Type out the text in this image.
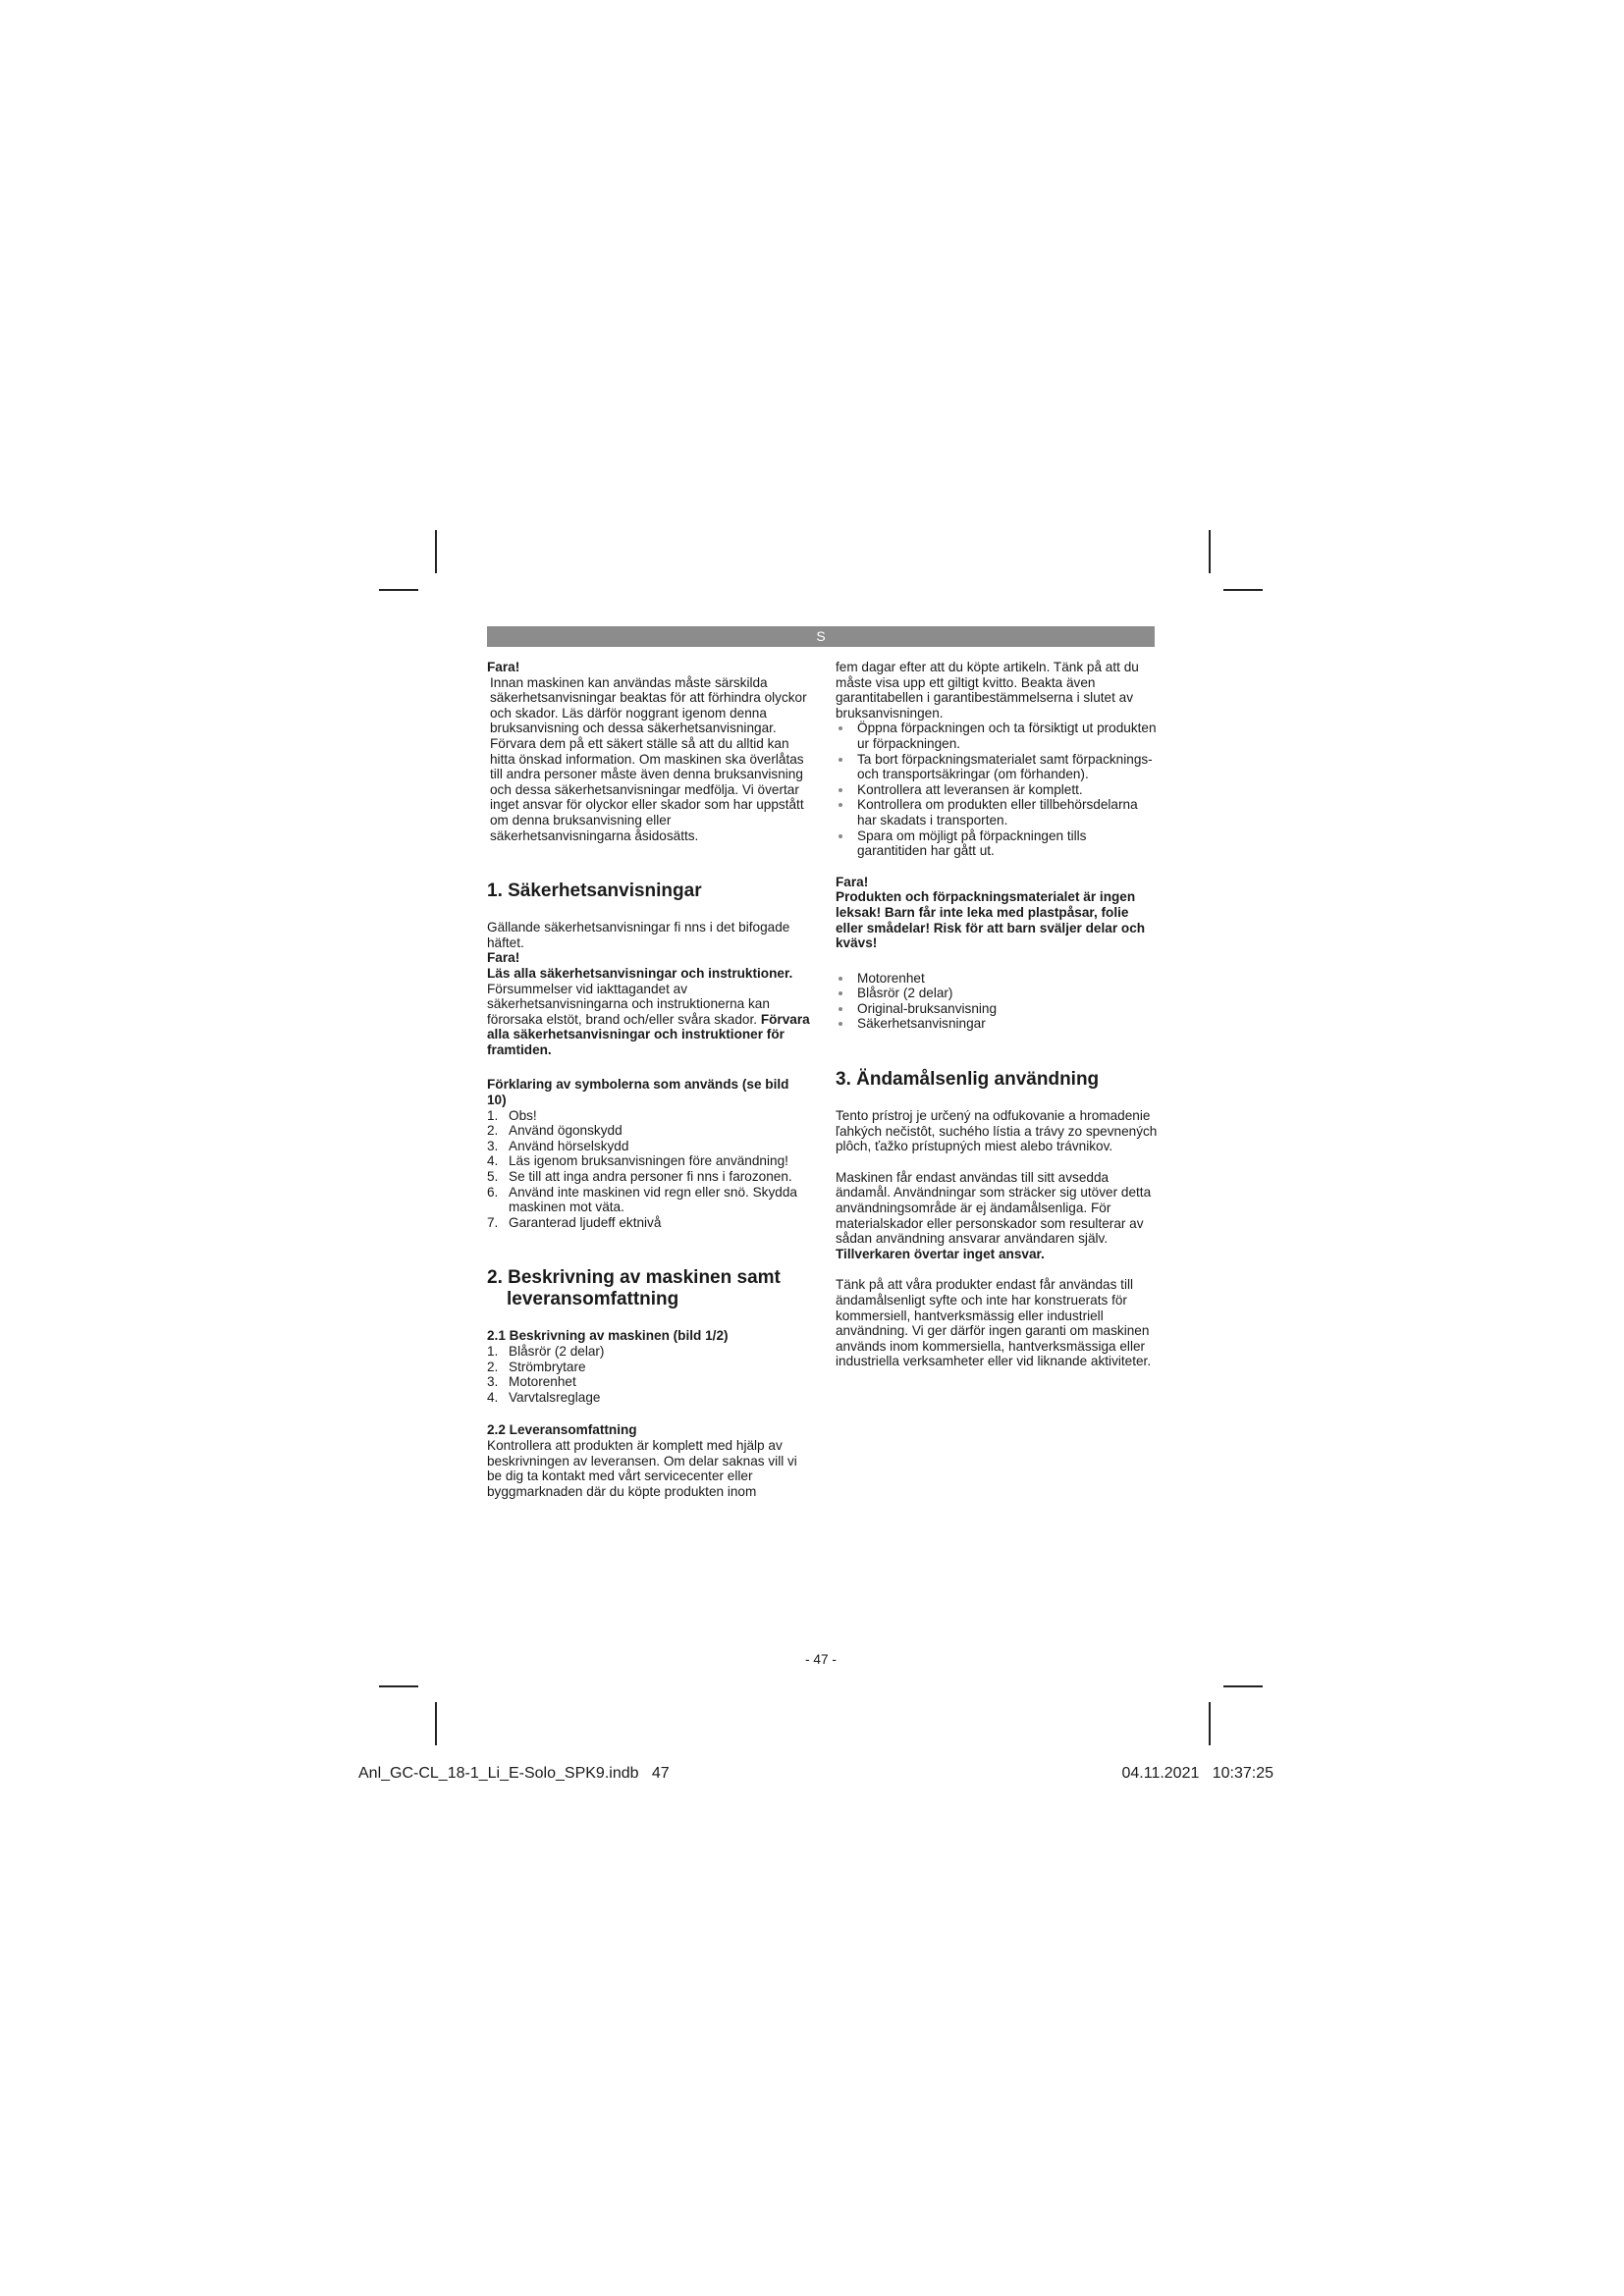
S

Fara!

Innan maskinen kan användas måste särskilda säkerhetsanvisningar beaktas för att förhindra olyckor och skador. Läs därför noggrant igenom denna bruksanvisning och dessa säkerhetsanvisningar. Förvara dem på ett säkert ställe så att du alltid kan hitta önskad information. Om maskinen ska överlåtas till andra personer måste även denna bruksanvisning och dessa säkerhetsanvisningar medfölja. Vi övertar inget ansvar för olyckor eller skador som har uppstått om denna bruksanvisning eller säkerhetsanvisningarna åsidosätts.

1. Säkerhetsanvisningar

Gällande säkerhetsanvisningar fi nns i det bifogade häftet.

Fara!

Läs alla säkerhetsanvisningar och instruktioner. Försummelser vid iakttagandet av säkerhetsanvisningarna och instruktionerna kan förorsaka elstöt, brand och/eller svåra skador. Förvara alla säkerhetsanvisningar och instruktioner för framtiden.

Förklaring av symbolerna som används (se bild 10)
1. Obs!
2. Använd ögonskydd
3. Använd hörselskydd
4. Läs igenom bruksanvisningen före användning!
5. Se till att inga andra personer fi nns i farozonen.
6. Använd inte maskinen vid regn eller snö. Skydda maskinen mot väta.
7. Garanterad ljudeff ektnivå
2. Beskrivning av maskinen samt leveransomfattning
2.1 Beskrivning av maskinen (bild 1/2)
1. Blåsrör (2 delar)
2. Strömbrytare
3. Motorenhet
4. Varvtalsreglage
2.2 Leveransomfattning

Kontrollera att produkten är komplett med hjälp av beskrivningen av leveransen. Om delar saknas vill vi be dig ta kontakt med vårt servicecenter eller byggmarknaden där du köpte produkten inom

fem dagar efter att du köpte artikeln. Tänk på att du måste visa upp ett giltigt kvitto. Beakta även garantitabellen i garantibestämmelserna i slutet av bruksanvisningen.

Öppna förpackningen och ta försiktigt ut produkten ur förpackningen.
Ta bort förpackningsmaterialet samt förpacknings- och transportsäkringar (om förhanden).
Kontrollera att leveransen är komplett.
Kontrollera om produkten eller tillbehörsdelarna har skadats i transporten.
Spara om möjligt på förpackningen tills garantitiden har gått ut.

Fara!

Produkten och förpackningsmaterialet är ingen leksak! Barn får inte leka med plastpåsar, folie eller smådelar! Risk för att barn sväljer delar och kvävs!

Motorenhet
Blåsrör (2 delar)
Original-bruksanvisning
Säkerhetsanvisningar
3. Ändamålsenlig användning

Tento prístroj je určený na odfukovanie a hromadenie ľahkých nečistôt, suchého lístia a trávy zo spevnených plôch, ťažko prístupných miest alebo trávnikov.

Maskinen får endast användas till sitt avsedda ändamål. Användningar som sträcker sig utöver detta användningsområde är ej ändamålsenliga. För materialskador eller personskador som resulterar av sådan användning ansvarar användaren själv. Tillverkaren övertar inget ansvar.

Tänk på att våra produkter endast får användas till ändamålsenligt syfte och inte har konstruerats för kommersiell, hantverksmässig eller industriell användning. Vi ger därför ingen garanti om maskinen används inom kommersiella, hantverksmässiga eller industriella verksamheter eller vid liknande aktiviteter.

- 47 -
Anl_GC-CL_18-1_Li_E-Solo_SPK9.indb   47	04.11.2021   10:37:25
